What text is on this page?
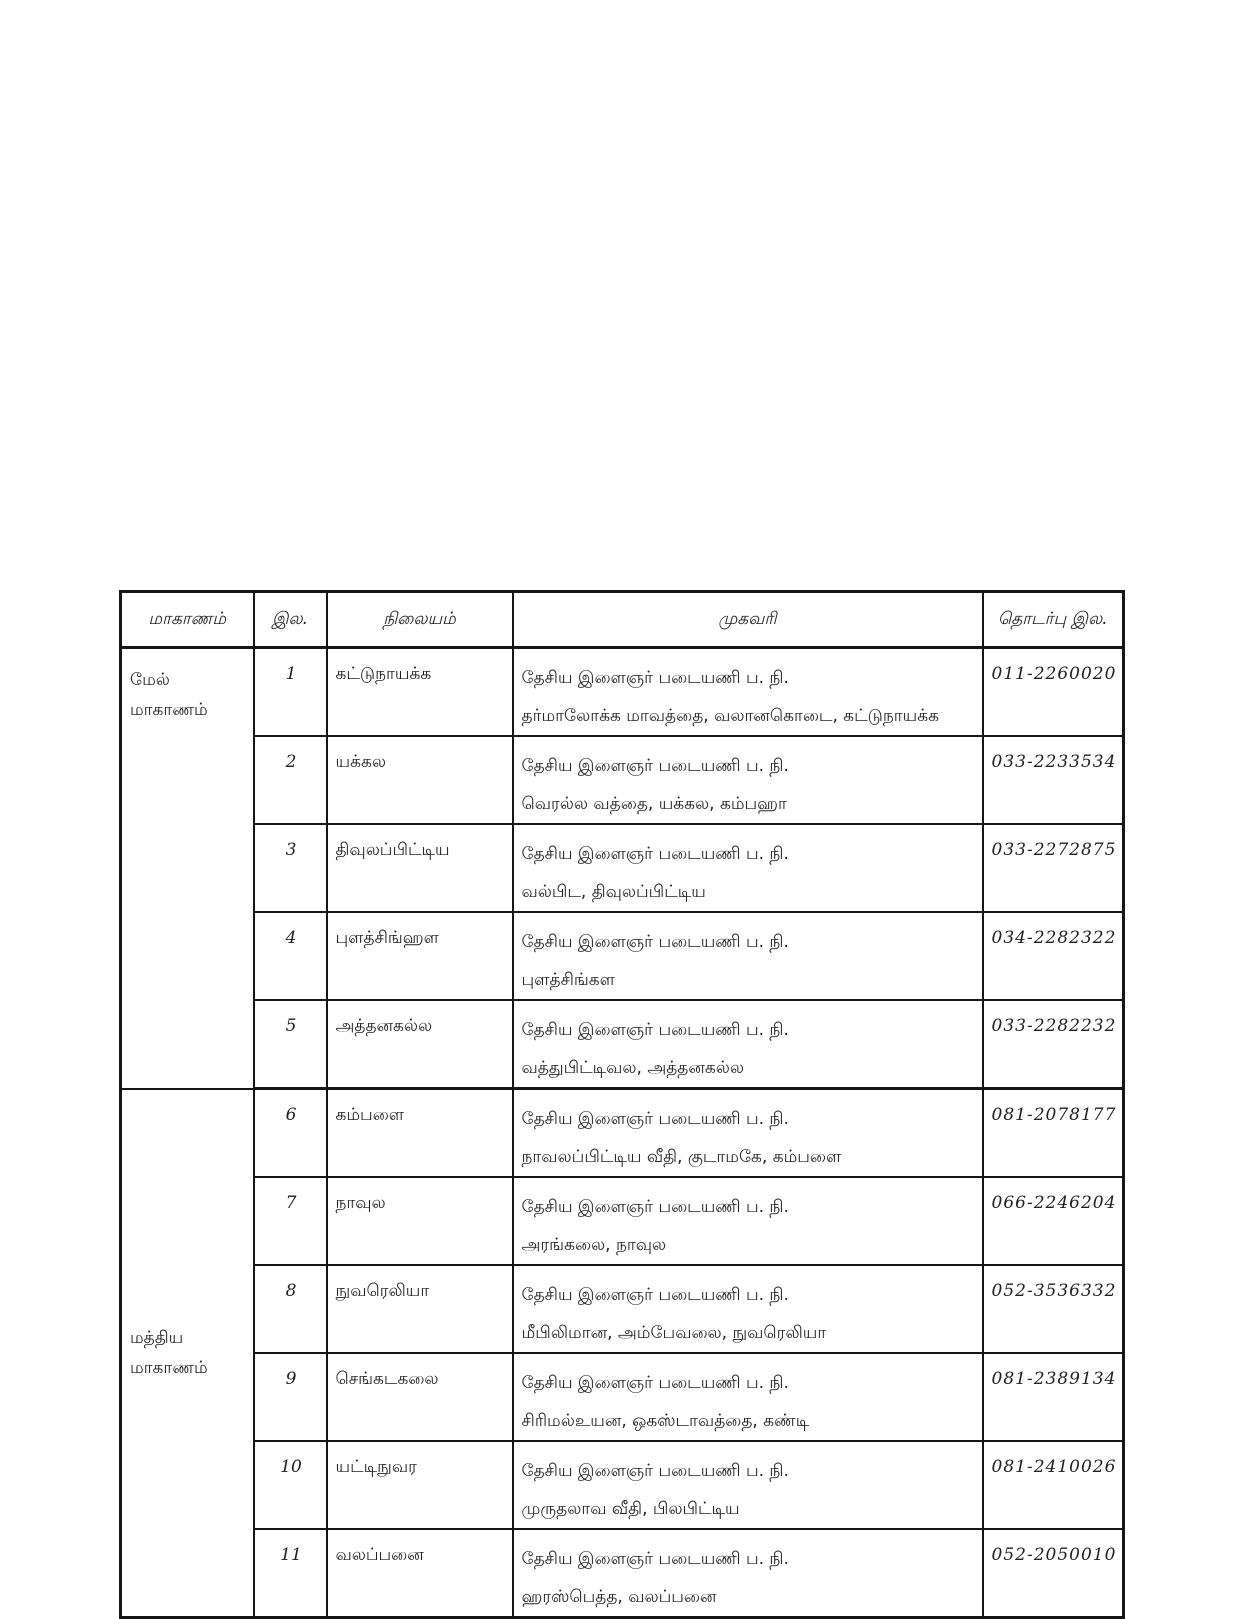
மாகாணம்	இல.	நிலையம்	முகவரி	தொடர்பு இல.

மேல்
மாகாணம்
	1	கட்டுநாயக்க	தேசிய இளைஞர் படையணி ப. நி.
தர்மாலோக்க மாவத்தை, வலானகொடை, கட்டுநாயக்க
	011-2260020
	2	யக்கல	தேசிய இளைஞர் படையணி ப. நி.
வெரல்ல வத்தை, யக்கல, கம்பஹா	033-2233534
	3	திவுலப்பிட்டிய	தேசிய இளைஞர் படையணி ப. நி.
வல்பிட, திவுலப்பிட்டிய	033-2272875
	4	புளத்சிங்ஹள	தேசிய இளைஞர் படையணி ப. நி.
புளத்சிங்கள	034-2282322
	5	அத்தனகல்ல	தேசிய இளைஞர் படையணி ப. நி.
வத்துபிட்டிவல, அத்தனகல்ல	033-2282232

மத்திய
மாகாணம்
	6	கம்பளை	தேசிய இளைஞர் படையணி ப. நி.
நாவலப்பிட்டிய வீதி, குடாமகே, கம்பளை
	081-2078177
	7	நாவுல	தேசிய இளைஞர் படையணி ப. நி.
அரங்கலை, நாவுல	066-2246204
	8	நுவரெலியா	தேசிய இளைஞர் படையணி ப. நி.
மீபிலிமான, அம்பேவலை, நுவரெலியா	052-3536332
	9	செங்கடகலை	தேசிய இளைஞர் படையணி ப. நி.
சிரிமல்உயன, ஒகஸ்டாவத்தை, கண்டி	081-2389134
	10	யட்டிநுவர	தேசிய இளைஞர் படையணி ப. நி.
முருதலாவ வீதி, பிலபிட்டிய	081-2410026
	11	வலப்பனை	தேசிய இளைஞர் படையணி ப. நி.
ஹரஸ்பெத்த, வலப்பனை	052-2050010
